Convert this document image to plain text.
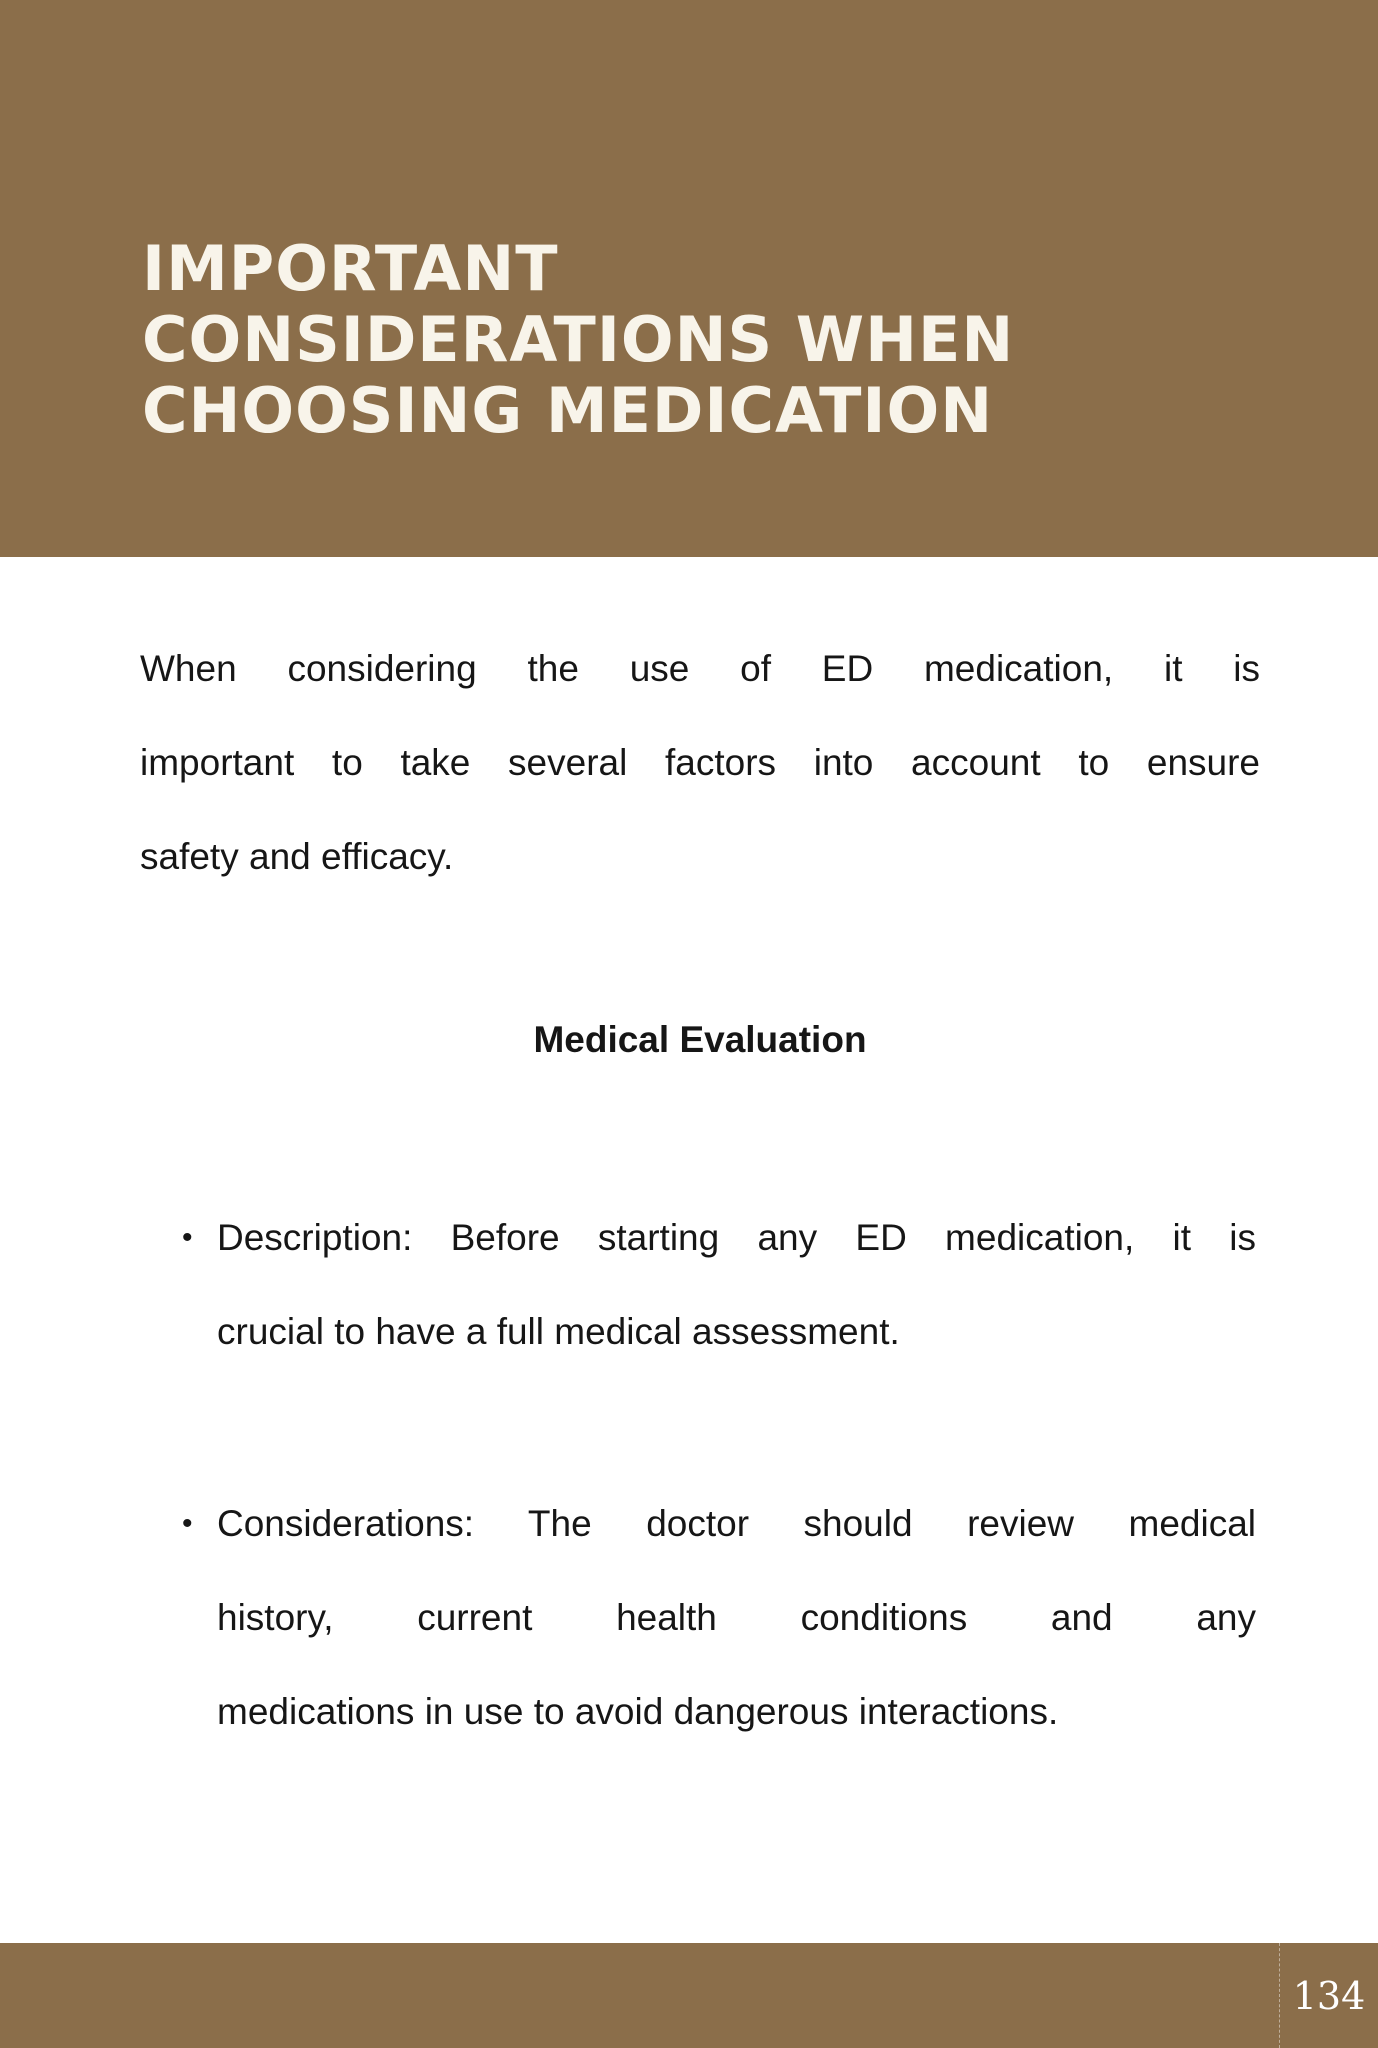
IMPORTANT
CONSIDERATIONS WHEN
CHOOSING MEDICATION
When considering the use of ED medication, it is
important to take several factors into account to ensure
safety and efficacy.
Medical Evaluation
• Description: Before starting any ED medication, it is
crucial to have a full medical assessment.
• Considerations: The doctor should review medical
history, current health conditions and any
medications in use to avoid dangerous interactions.
134
